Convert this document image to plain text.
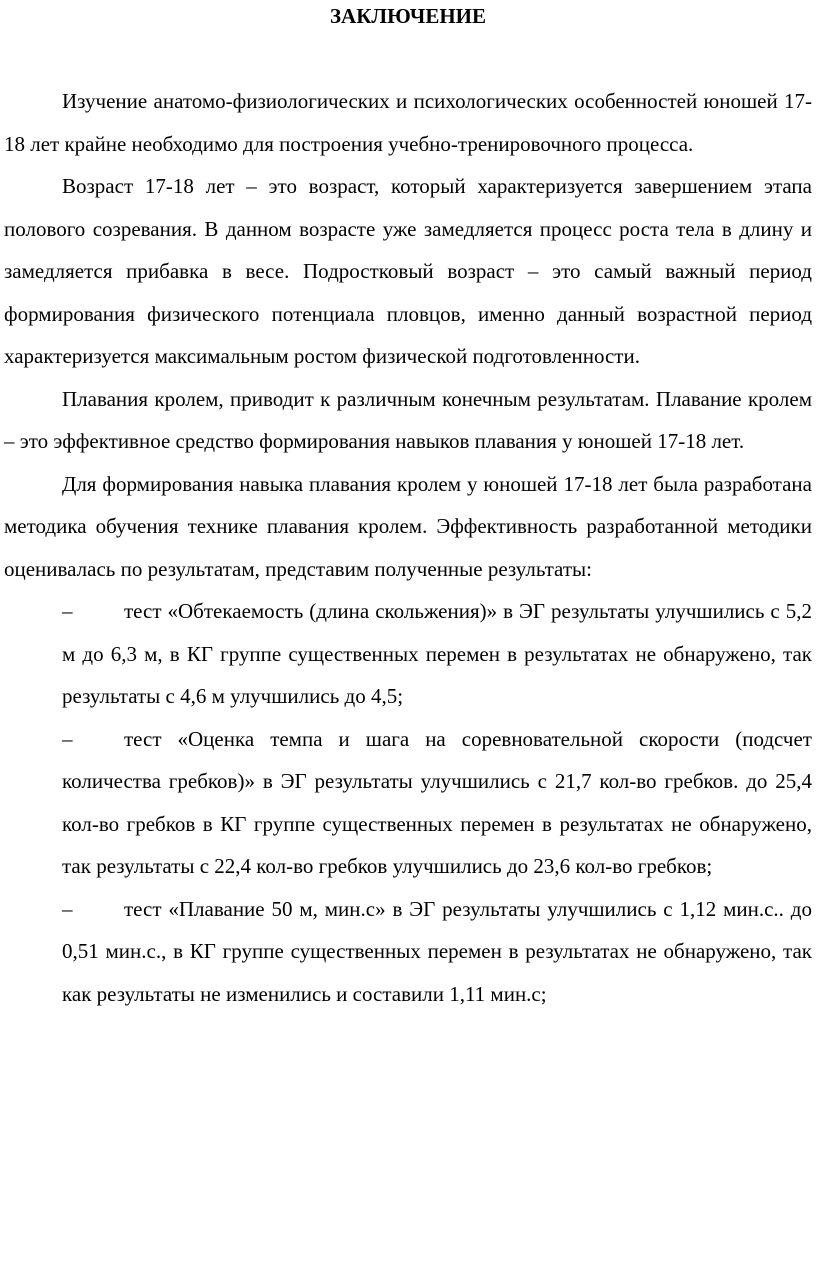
ЗАКЛЮЧЕНИЕ

Изучение анатомо-физиологических и психологических особенностей юношей 17-18 лет крайне необходимо для построения учебно-тренировочного процесса.

Возраст 17-18 лет – это возраст, который характеризуется завершением этапа полового созревания. В данном возрасте уже замедляется процесс роста тела в длину и замедляется прибавка в весе. Подростковый возраст – это самый важный период формирования физического потенциала пловцов, именно данный возрастной период характеризуется максимальным ростом физической подготовленности.

Плавания кролем, приводит к различным конечным результатам. Плавание кролем – это эффективное средство формирования навыков плавания у юношей 17-18 лет.

Для формирования навыка плавания кролем у юношей 17-18 лет была разработана методика обучения технике плавания кролем. Эффективность разработанной методики оценивалась по результатам, представим полученные результаты:

– тест «Обтекаемость (длина скольжения)» в ЭГ результаты улучшились с 5,2 м до 6,3 м, в КГ группе существенных перемен в результатах не обнаружено, так результаты с 4,6 м улучшились до 4,5;
– тест «Оценка темпа и шага на соревновательной скорости (подсчет количества гребков)» в ЭГ результаты улучшились с 21,7 кол-во гребков. до 25,4 кол-во гребков в КГ группе существенных перемен в результатах не обнаружено, так результаты с 22,4 кол-во гребков улучшились до 23,6 кол-во гребков;
– тест «Плавание 50 м, мин.с» в ЭГ результаты улучшились с 1,12 мин.с.. до 0,51 мин.с., в КГ группе существенных перемен в результатах не обнаружено, так как результаты не изменились и составили 1,11 мин.с;
